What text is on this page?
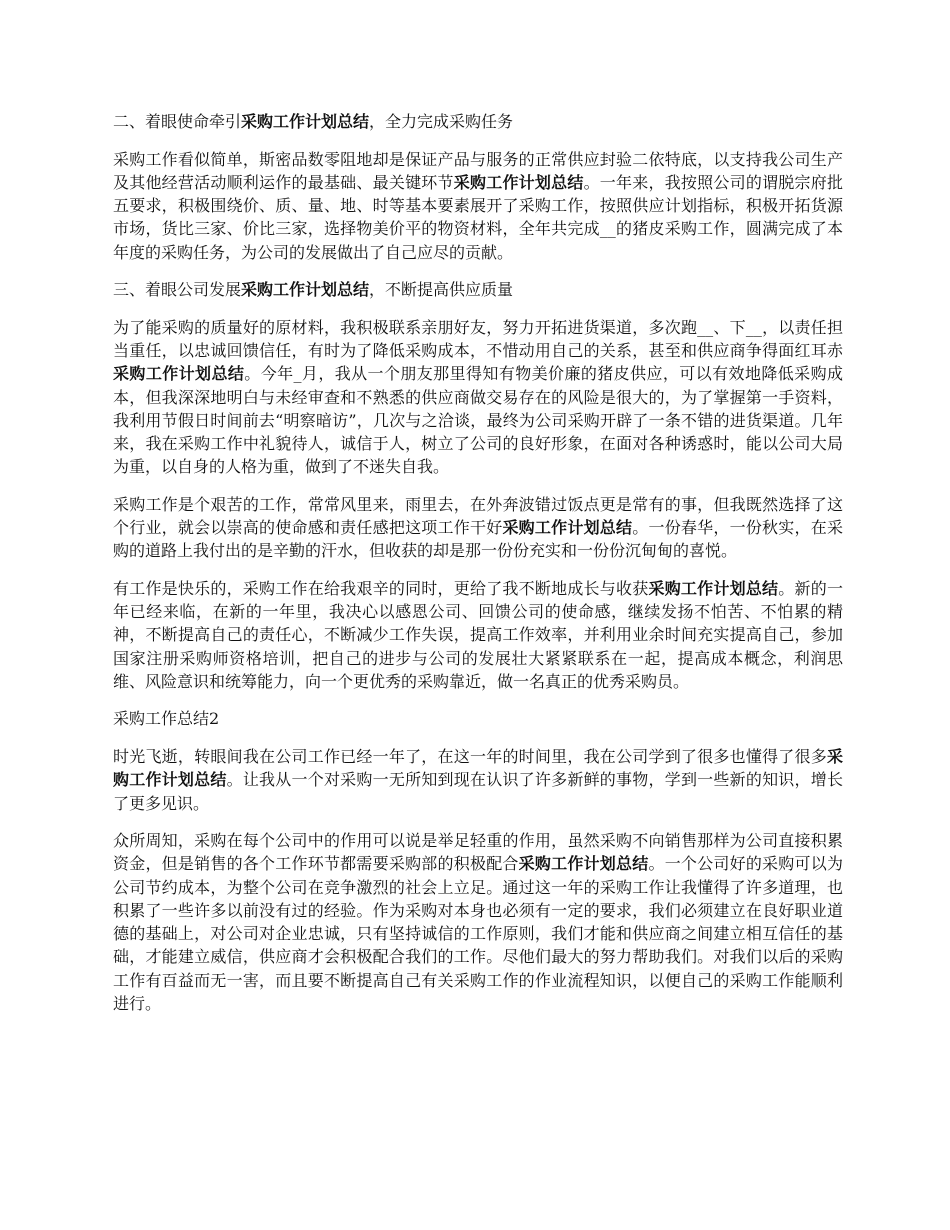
二、着眼使命牵引采购工作计划总结，全力完成采购任务

采购工作看似简单，斯密品数零阻地却是保证产品与服务的正常供应封验二依特底，以支持我公司生产及其他经营活动顺利运作的最基础、最关键环节采购工作计划总结。一年来，我按照公司的谓脱宗府批五要求，积极围绕价、质、量、地、时等基本要素展开了采购工作，按照供应计划指标，积极开拓货源市场，货比三家、价比三家，选择物美价平的物资材料，全年共完成__的猪皮采购工作，圆满完成了本年度的采购任务，为公司的发展做出了自己应尽的贡献。

三、着眼公司发展采购工作计划总结，不断提高供应质量

为了能采购的质量好的原材料，我积极联系亲朋好友，努力开拓进货渠道，多次跑__、下__，以责任担当重任，以忠诚回馈信任，有时为了降低采购成本，不惜动用自己的关系，甚至和供应商争得面红耳赤采购工作计划总结。今年_月，我从一个朋友那里得知有物美价廉的猪皮供应，可以有效地降低采购成本，但我深深地明白与未经审查和不熟悉的供应商做交易存在的风险是很大的，为了掌握第一手资料，我利用节假日时间前去“明察暗访”，几次与之洽谈，最终为公司采购开辟了一条不错的进货渠道。几年来，我在采购工作中礼貌待人，诚信于人，树立了公司的良好形象，在面对各种诱惑时，能以公司大局为重，以自身的人格为重，做到了不迷失自我。

采购工作是个艰苦的工作，常常风里来，雨里去，在外奔波错过饭点更是常有的事，但我既然选择了这个行业，就会以崇高的使命感和责任感把这项工作干好采购工作计划总结。一份春华，一份秋实，在采购的道路上我付出的是辛勤的汗水，但收获的却是那一份份充实和一份份沉甸甸的喜悦。

有工作是快乐的，采购工作在给我艰辛的同时，更给了我不断地成长与收获采购工作计划总结。新的一年已经来临，在新的一年里，我决心以感恩公司、回馈公司的使命感，继续发扬不怕苦、不怕累的精神，不断提高自己的责任心，不断减少工作失误，提高工作效率，并利用业余时间充实提高自己，参加国家注册采购师资格培训，把自己的进步与公司的发展壮大紧紧联系在一起，提高成本概念，利润思维、风险意识和统筹能力，向一个更优秀的采购靠近，做一名真正的优秀采购员。

采购工作总结2

时光飞逝，转眼间我在公司工作已经一年了，在这一年的时间里，我在公司学到了很多也懂得了很多采购工作计划总结。让我从一个对采购一无所知到现在认识了许多新鲜的事物，学到一些新的知识，增长了更多见识。

众所周知，采购在每个公司中的作用可以说是举足轻重的作用，虽然采购不向销售那样为公司直接积累资金，但是销售的各个工作环节都需要采购部的积极配合采购工作计划总结。一个公司好的采购可以为公司节约成本，为整个公司在竞争激烈的社会上立足。通过这一年的采购工作让我懂得了许多道理，也积累了一些许多以前没有过的经验。作为采购对本身也必须有一定的要求，我们必须建立在良好职业道德的基础上，对公司对企业忠诚，只有坚持诚信的工作原则，我们才能和供应商之间建立相互信任的基础，才能建立威信，供应商才会积极配合我们的工作。尽他们最大的努力帮助我们。对我们以后的采购工作有百益而无一害，而且要不断提高自己有关采购工作的作业流程知识，以便自己的采购工作能顺利进行。
